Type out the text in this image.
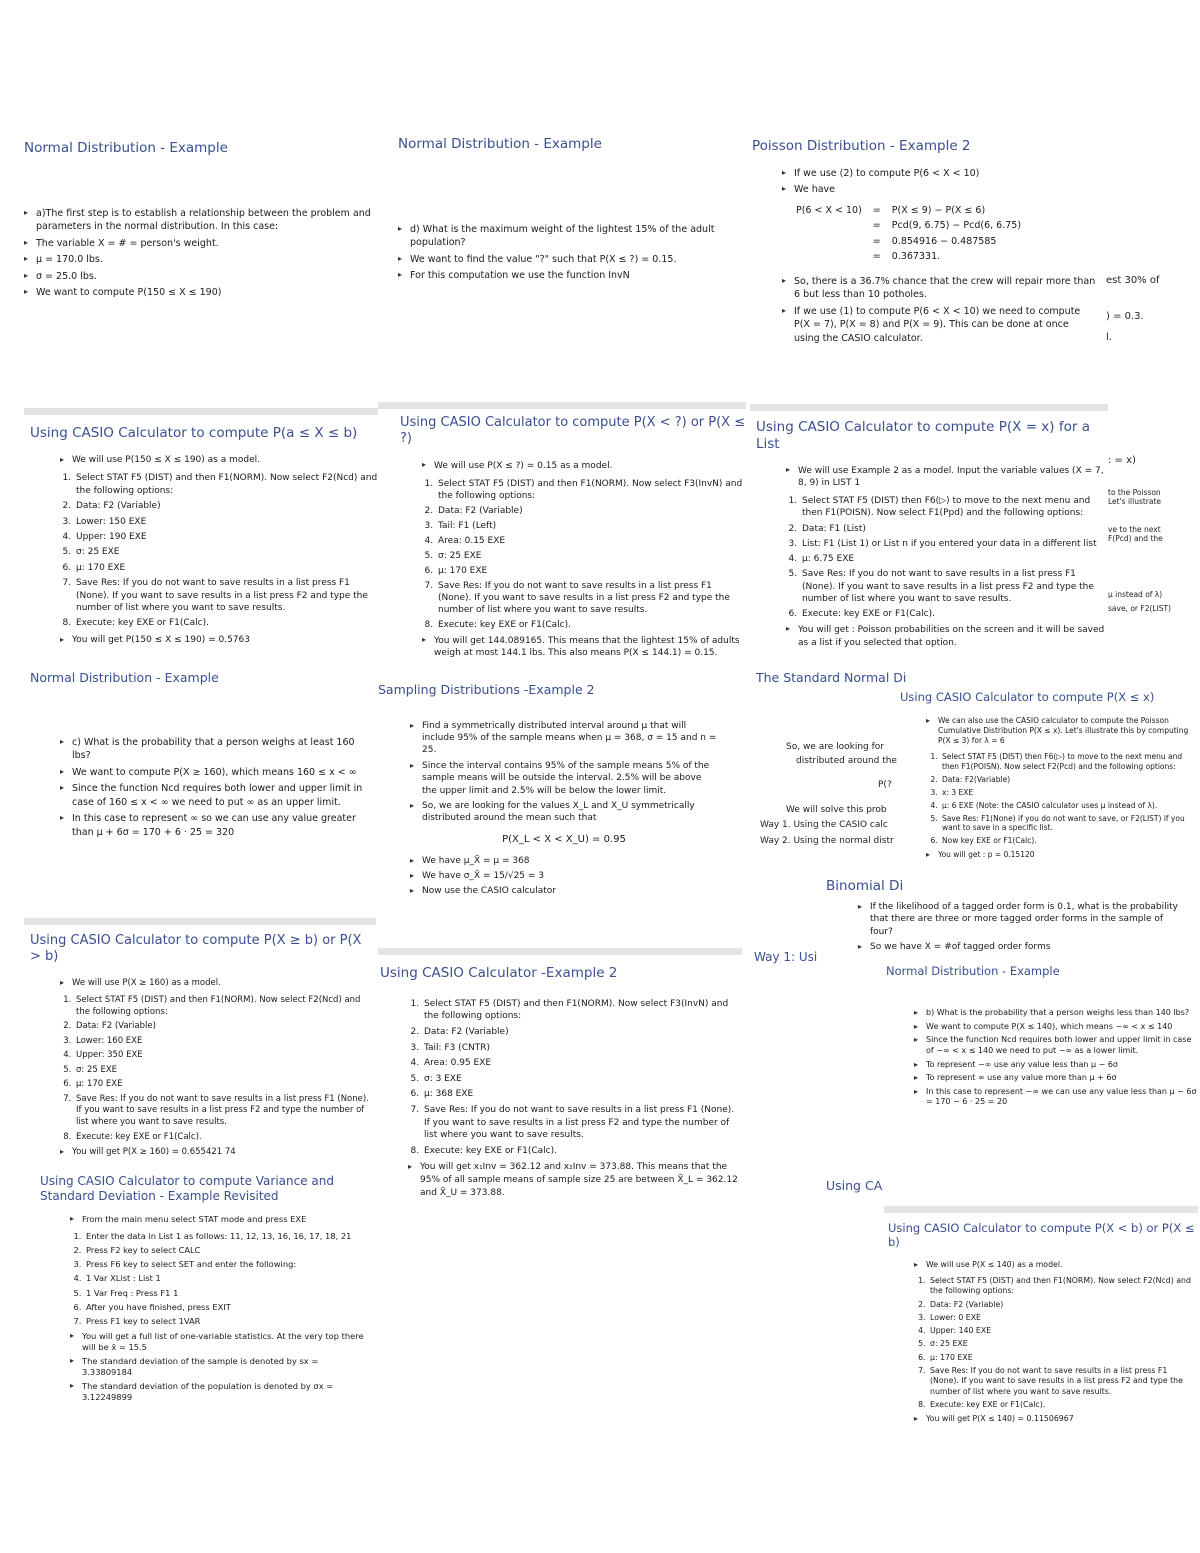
Normal Distribution - Example
▸ a)The first step is to establish a relationship between the problem and parameters in the normal distribution. In this case:
▸ The variable X = # = person's weight.
▸ μ = 170.0 lbs.
▸ σ = 25.0 lbs.
▸ We want to compute P(150 ≤ X ≤ 190)
Normal Distribution - Example
▸ d) What is the maximum weight of the lightest 15% of the adult population?
▸ We want to find the value "?" such that P(X ≤ ?) = 0.15.
▸ For this computation we use the function InvN
Poisson Distribution - Example 2
▸ If we use (2) to compute P(6 < X < 10)
▸ We have
P(6 < X < 10)	=	P(X ≤ 9) − P(X ≤ 6)
	=	Pcd(9, 6.75) − Pcd(6, 6.75)
	=	0.854916 − 0.487585
	=	0.367331.
▸ So, there is a 36.7% chance that the crew will repair more than 6 but less than 10 potholes.
▸ If we use (1) to compute P(6 < X < 10) we need to compute P(X = 7), P(X = 8) and P(X = 9). This can be done at once using the CASIO calculator.
est 30% of
) = 0.3.
l.
Using CASIO Calculator to compute P(a ≤ X ≤ b)
▸ We will use P(150 ≤ X ≤ 190) as a model.
1. Select STAT F5 (DIST) and then F1(NORM). Now select F2(Ncd) and the following options:
2. Data: F2 (Variable)
3. Lower: 150 EXE
4. Upper: 190 EXE
5. σ: 25 EXE
6. μ: 170 EXE
7. Save Res: If you do not want to save results in a list press F1 (None). If you want to save results in a list press F2 and type the number of list where you want to save results.
8. Execute: key EXE or F1(Calc).
▸ You will get P(150 ≤ X ≤ 190) = 0.5763
Using CASIO Calculator to compute P(X < ?) or P(X ≤ ?)
▸ We will use P(X ≤ ?) = 0.15 as a model.
1. Select STAT F5 (DIST) and then F1(NORM). Now select F3(InvN) and the following options:
2. Data: F2 (Variable)
3. Tail: F1 (Left)
4. Area: 0.15 EXE
5. σ: 25 EXE
6. μ: 170 EXE
7. Save Res: If you do not want to save results in a list press F1 (None). If you want to save results in a list press F2 and type the number of list where you want to save results.
8. Execute: key EXE or F1(Calc).
▸ You will get 144.089165. This means that the lightest 15% of adults weigh at most 144.1 lbs. This also means P(X ≤ 144.1) = 0.15.
Using CASIO Calculator to compute P(X = x) for a List
▸ We will use Example 2 as a model. Input the variable values (X = 7, 8, 9) in LIST 1
1. Select STAT F5 (DIST) then F6(▷) to move to the next menu and then F1(POISN). Now select F1(Ppd) and the following options:
2. Data: F1 (List)
3. List: F1 (List 1) or List n if you entered your data in a different list
4. μ: 6.75 EXE
5. Save Res: If you do not want to save results in a list press F1 (None). If you want to save results in a list press F2 and type the number of list where you want to save results.
6. Execute: key EXE or F1(Calc).
▸ You will get : Poisson probabilities on the screen and it will be saved as a list if you selected that option.
: = x)
to the Poisson Let's illustrate
ve to the next F(Pcd) and the
μ instead of λ)
save, or F2(LIST)
Normal Distribution - Example
▸ c) What is the probability that a person weighs at least 160 lbs?
▸ We want to compute P(X ≥ 160), which means 160 ≤ x < ∞
▸ Since the function Ncd requires both lower and upper limit in case of 160 ≤ x < ∞ we need to put ∞ as an upper limit.
▸ In this case to represent ∞ so we can use any value greater than μ + 6σ = 170 + 6 · 25 = 320
Sampling Distributions -Example 2
▸ Find a symmetrically distributed interval around μ that will include 95% of the sample means when μ = 368, σ = 15 and n = 25.
▸ Since the interval contains 95% of the sample means 5% of the sample means will be outside the interval. 2.5% will be above the upper limit and 2.5% will be below the lower limit.
▸ So, we are looking for the values X_L and X_U symmetrically distributed around the mean such that
P(X_L < X < X_U) = 0.95
▸ We have μ_X̄ = μ = 368
▸ We have σ_X̄ = 15/√25 = 3
▸ Now use the CASIO calculator
The Standard Normal Di
So, we are looking for
distributed around the
P(?
We will solve this prob
Way 1. Using the CASIO calc
Way 2. Using the normal distr
Using CASIO Calculator to compute P(X ≤ x)
▸ We can also use the CASIO calculator to compute the Poisson Cumulative Distribution P(X ≤ x). Let's illustrate this by computing P(X ≤ 3) for λ = 6
1. Select STAT F5 (DIST) then F6(▷) to move to the next menu and then F1(POISN). Now select F2(Pcd) and the following options:
2. Data: F2(Variable)
3. x: 3 EXE
4. μ: 6 EXE (Note: the CASIO calculator uses μ instead of λ).
5. Save Res: F1(None) if you do not want to save, or F2(LIST) if you want to save in a specific list.
6. Now key EXE or F1(Calc).
▸ You will get : p = 0.15120
Using CASIO Calculator to compute P(X ≥ b) or P(X > b)
▸ We will use P(X ≥ 160) as a model.
1. Select STAT F5 (DIST) and then F1(NORM). Now select F2(Ncd) and the following options:
2. Data: F2 (Variable)
3. Lower: 160 EXE
4. Upper: 350 EXE
5. σ: 25 EXE
6. μ: 170 EXE
7. Save Res: If you do not want to save results in a list press F1 (None). If you want to save results in a list press F2 and type the number of list where you want to save results.
8. Execute: key EXE or F1(Calc).
▸ You will get P(X ≥ 160) = 0.655421 74
Using CASIO Calculator -Example 2
1. Select STAT F5 (DIST) and then F1(NORM). Now select F3(InvN) and the following options:
2. Data: F2 (Variable)
3. Tail: F3 (CNTR)
4. Area: 0.95 EXE
5. σ: 3 EXE
6. μ: 368 EXE
7. Save Res: If you do not want to save results in a list press F1 (None). If you want to save results in a list press F2 and type the number of list where you want to save results.
8. Execute: key EXE or F1(Calc).
▸ You will get x₁Inv = 362.12 and x₂Inv = 373.88. This means that the 95% of all sample means of sample size 25 are between X̄_L = 362.12 and X̄_U = 373.88.
Using CASIO Calculator to compute Variance and Standard Deviation - Example Revisited
▸ From the main menu select STAT mode and press EXE
1. Enter the data in List 1 as follows: 11, 12, 13, 16, 16, 17, 18, 21
2. Press F2 key to select CALC
3. Press F6 key to select SET and enter the following:
4. 1 Var XList : List 1
5. 1 Var Freq : Press F1 1
6. After you have finished, press EXIT
7. Press F1 key to select 1VAR
▸ You will get a full list of one-variable statistics. At the very top there will be x̄ = 15.5
▸ The standard deviation of the sample is denoted by sx = 3.33809184
▸ The standard deviation of the population is denoted by σx = 3.12249899
Binomial Di
▸ If the likelihood of a tagged order form is 0.1, what is the probability that there are three or more tagged order forms in the sample of four?
▸ So we have X = #of tagged order forms
Way 1: Usi
Using CA
Normal Distribution - Example
▸ b) What is the probability that a person weighs less than 140 lbs?
▸ We want to compute P(X ≤ 140), which means −∞ < x ≤ 140
▸ Since the function Ncd requires both lower and upper limit in case of −∞ < x ≤ 140 we need to put −∞ as a lower limit.
▸ To represent −∞ use any value less than μ − 6σ
▸ To represent ∞ use any value more than μ + 6σ
▸ In this case to represent −∞ we can use any value less than μ − 6σ = 170 − 6 · 25 = 20
Using CASIO Calculator to compute P(X < b) or P(X ≤ b)
▸ We will use P(X ≤ 140) as a model.
1. Select STAT F5 (DIST) and then F1(NORM). Now select F2(Ncd) and the following options:
2. Data: F2 (Variable)
3. Lower: 0 EXE
4. Upper: 140 EXE
5. σ: 25 EXE
6. μ: 170 EXE
7. Save Res: If you do not want to save results in a list press F1 (None). If you want to save results in a list press F2 and type the number of list where you want to save results.
8. Execute: key EXE or F1(Calc).
▸ You will get P(X ≤ 140) = 0.11506967
